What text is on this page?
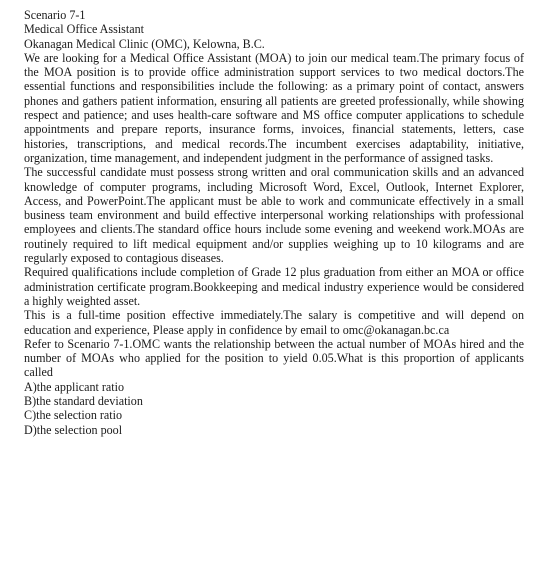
Scenario 7-1

Medical Office Assistant

Okanagan Medical Clinic (OMC), Kelowna, B.C.

We are looking for a Medical Office Assistant (MOA) to join our medical team.The primary focus of the MOA position is to provide office administration support services to two medical doctors.The essential functions and responsibilities include the following: as a primary point of contact, answers phones and gathers patient information, ensuring all patients are greeted professionally, while showing respect and patience; and uses health-care software and MS office computer applications to schedule appointments and prepare reports, insurance forms, invoices, financial statements, letters, case histories, transcriptions, and medical records.The incumbent exercises adaptability, initiative, organization, time management, and independent judgment in the performance of assigned tasks.

The successful candidate must possess strong written and oral communication skills and an advanced knowledge of computer programs, including Microsoft Word, Excel, Outlook, Internet Explorer, Access, and PowerPoint.The applicant must be able to work and communicate effectively in a small business team environment and build effective interpersonal working relationships with professional employees and clients.The standard office hours include some evening and weekend work.MOAs are routinely required to lift medical equipment and/or supplies weighing up to 10 kilograms and are regularly exposed to contagious diseases.

Required qualifications include completion of Grade 12 plus graduation from either an MOA or office administration certificate program.Bookkeeping and medical industry experience would be considered a highly weighted asset.

This is a full-time position effective immediately.The salary is competitive and will depend on education and experience, Please apply in confidence by email to omc@okanagan.bc.ca

Refer to Scenario 7-1.OMC wants the relationship between the actual number of MOAs hired and the number of MOAs who applied for the position to yield 0.05.What is this proportion of applicants called

A)the applicant ratio

B)the standard deviation

C)the selection ratio

D)the selection pool
